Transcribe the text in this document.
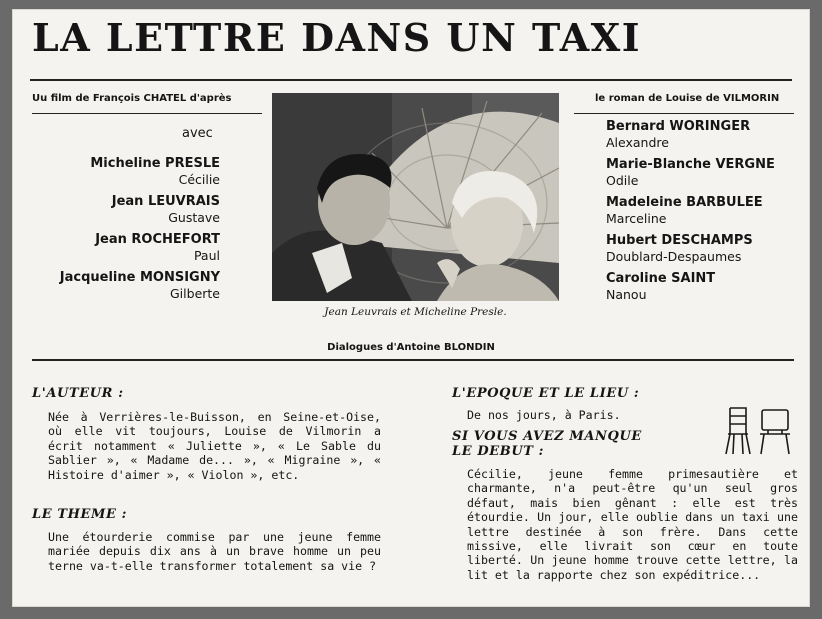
LA LETTRE DANS UN TAXI
Uu film de François CHATEL d'après	le roman de Louise de VILMORIN
avec
Micheline PRESLE
Cécilie
Jean LEUVRAIS
Gustave
Jean ROCHEFORT
Paul
Jacqueline MONSIGNY
Gilberte
Jean Leuvrais et Micheline Presle.
Bernard WORINGER
Alexandre
Marie-Blanche VERGNE
Odile
Madeleine BARBULEE
Marceline
Hubert DESCHAMPS
Doublard-Despaumes
Caroline SAINT
Nanou
Dialogues d'Antoine BLONDIN
L'AUTEUR :

Née à Verrières-le-Buisson, en Seine-et-Oise, où elle vit toujours, Louise de Vilmorin a écrit notamment « Juliette », « Le Sable du Sablier », « Madame de... », « Migraine », « Histoire d'aimer », « Violon », etc.

LE THEME :

Une étourderie commise par une jeune femme mariée depuis dix ans à un brave homme un peu terne va-t-elle transformer totalement sa vie ?

L'EPOQUE ET LE LIEU :

De nos jours, à Paris.

SI VOUS AVEZ MANQUE
LE DEBUT :

Cécilie, jeune femme primesautière et charmante, n'a peut-être qu'un seul gros défaut, mais bien gênant : elle est très étourdie. Un jour, elle oublie dans un taxi une lettre destinée à son frère. Dans cette missive, elle livrait son cœur en toute liberté. Un jeune homme trouve cette lettre, la lit et la rapporte chez son expéditrice...
